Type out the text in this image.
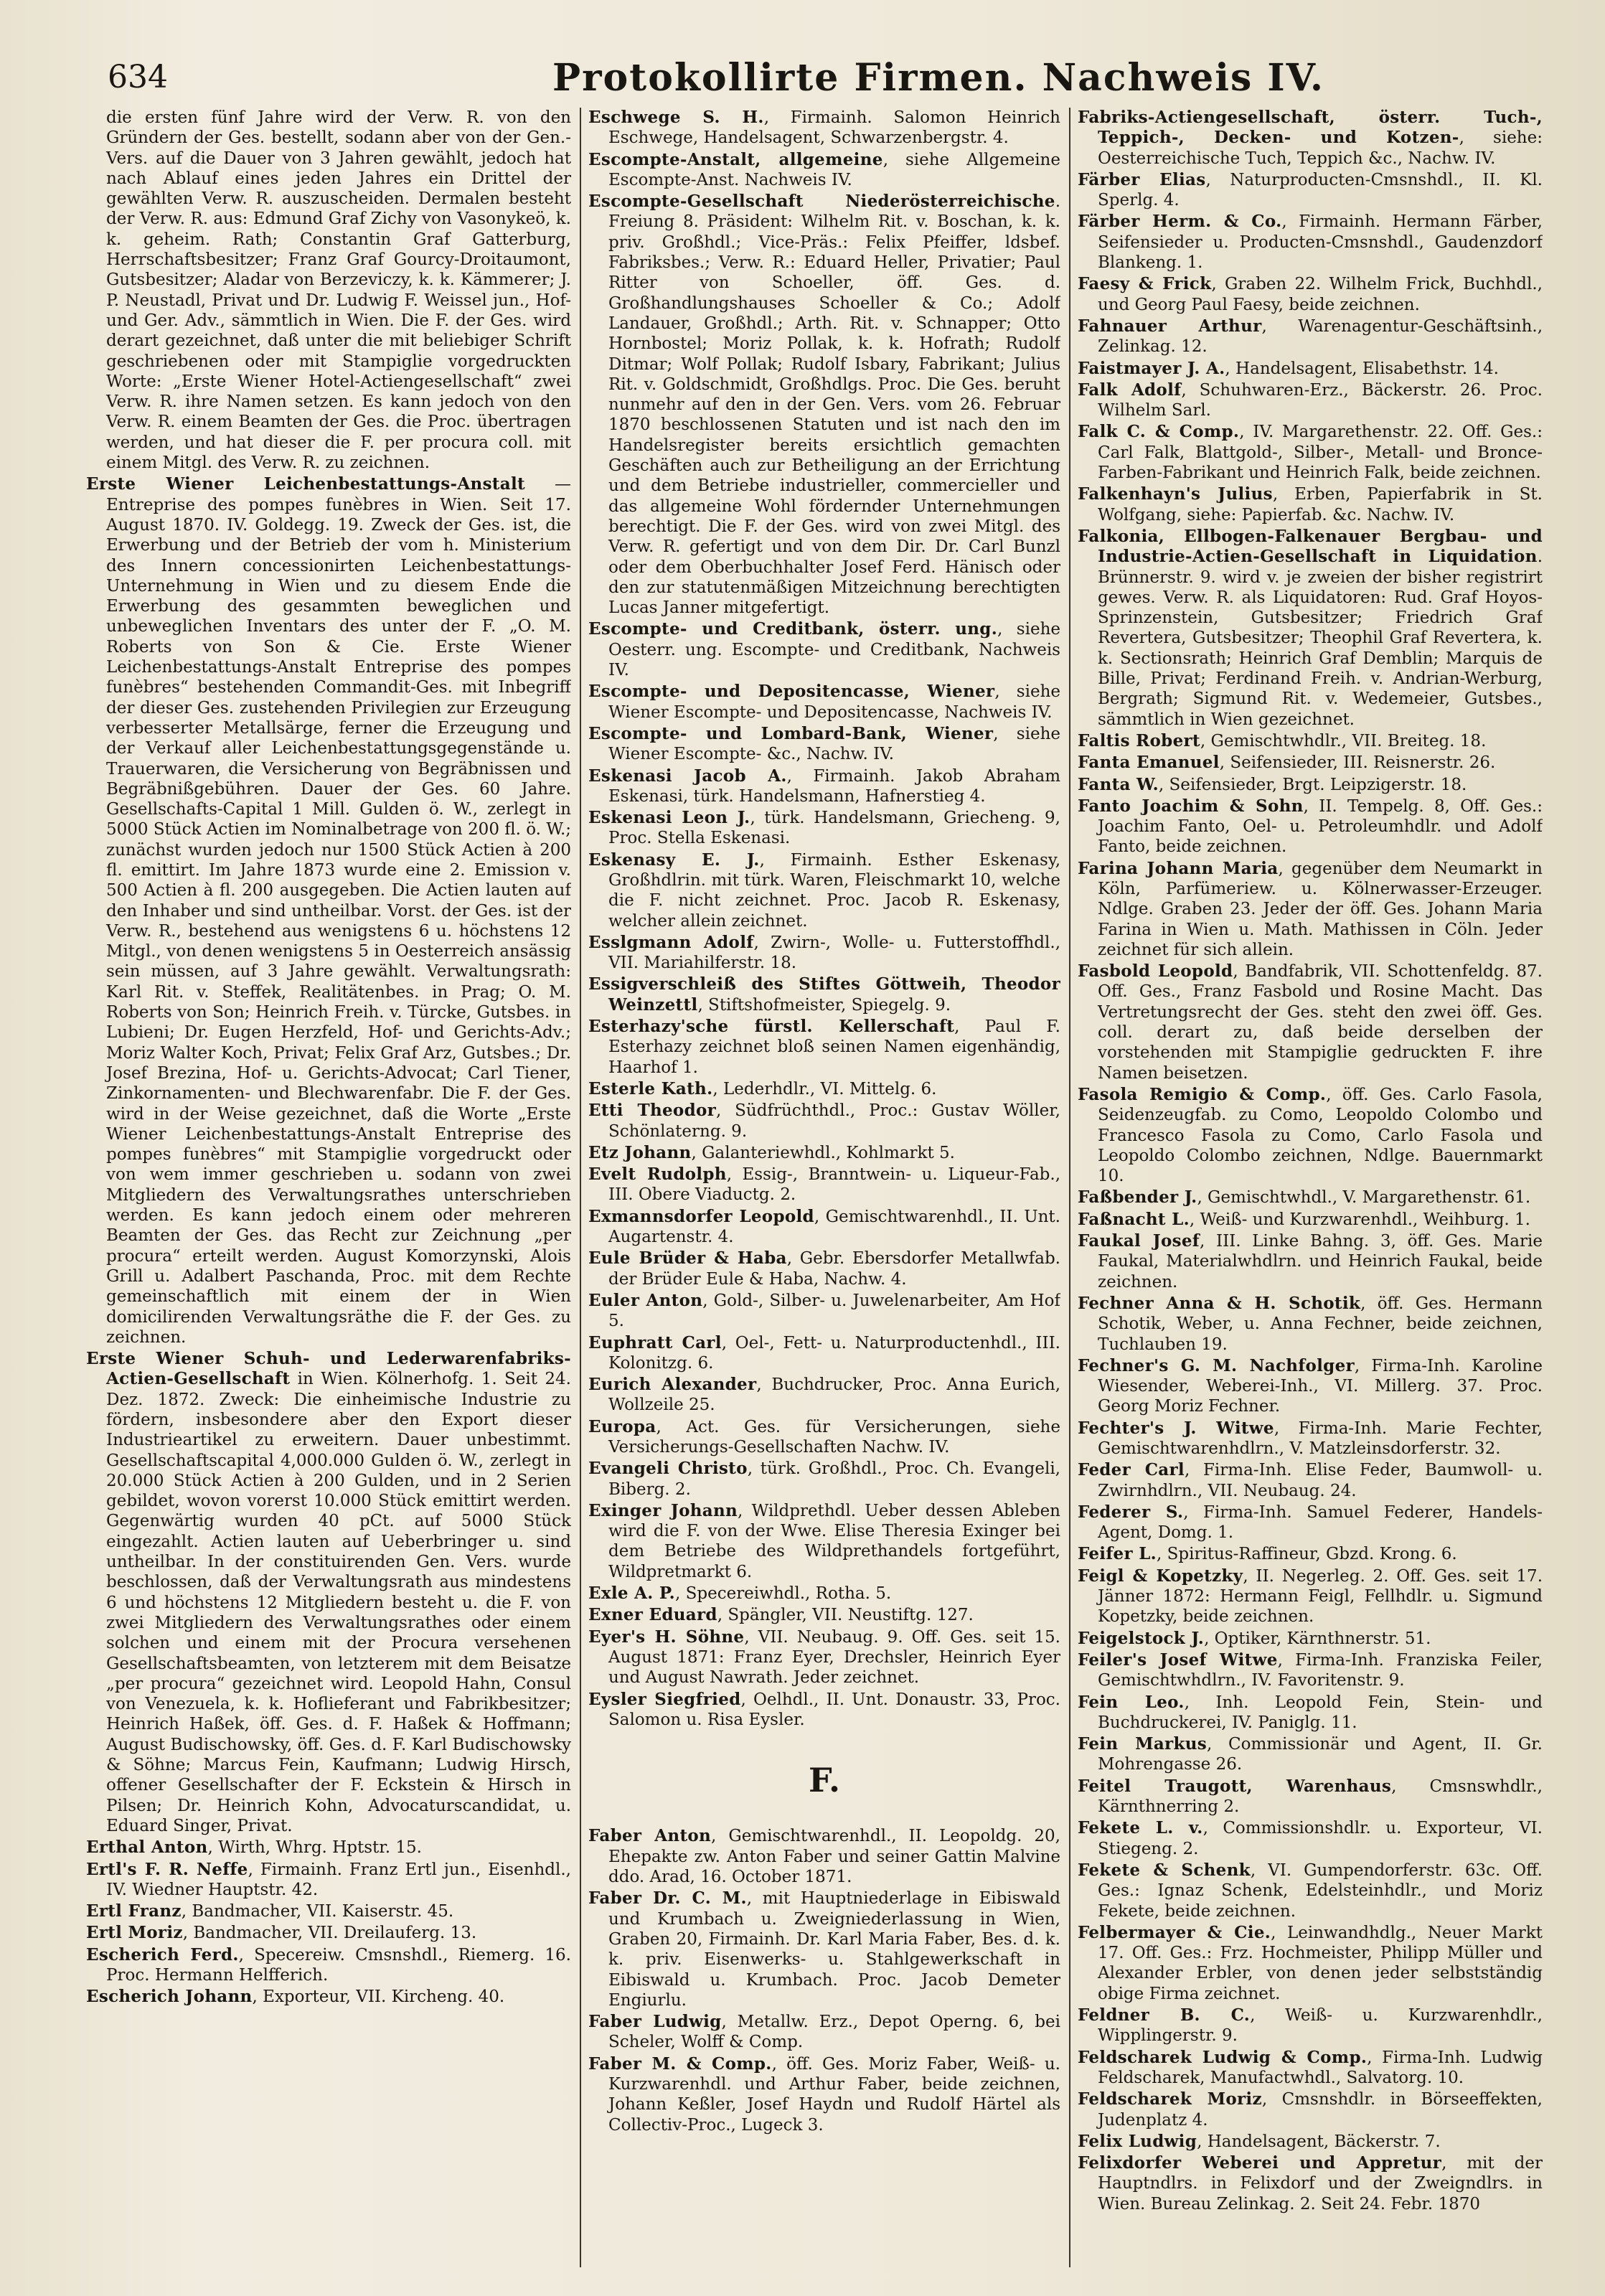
634	Protokollirte Firmen. Nachweis IV.

die ersten fünf Jahre wird der Verw. R. von den Gründern der Ges. bestellt, sodann aber von der Gen.-Vers. auf die Dauer von 3 Jahren gewählt, jedoch hat nach Ablauf eines jeden Jahres ein Drittel der gewählten Verw. R. auszuscheiden. Dermalen besteht der Verw. R. aus: Edmund Graf Zichy von Vasonykeö, k. k. geheim. Rath; Constantin Graf Gatterburg, Herrschaftsbesitzer; Franz Graf Gourcy-Droitaumont, Gutsbesitzer; Aladar von Berzeviczy, k. k. Kämmerer; J. P. Neustadl, Privat und Dr. Ludwig F. Weissel jun., Hof- und Ger. Adv., sämmtlich in Wien. Die F. der Ges. wird derart gezeichnet, daß unter die mit beliebiger Schrift geschriebenen oder mit Stampiglie vorgedruckten Worte: „Erste Wiener Hotel-Actiengesellschaft“ zwei Verw. R. ihre Namen setzen. Es kann jedoch von den Verw. R. einem Beamten der Ges. die Proc. übertragen werden, und hat dieser die F. per procura coll. mit einem Mitgl. des Verw. R. zu zeichnen.

Erste Wiener Leichenbestattungs-Anstalt — Entreprise des pompes funèbres in Wien. Seit 17. August 1870. IV. Goldegg. 19. Zweck der Ges. ist, die Erwerbung und der Betrieb der vom h. Ministerium des Innern concessionirten Leichenbestattungs-Unternehmung in Wien und zu diesem Ende die Erwerbung des gesammten beweglichen und unbeweglichen Inventars des unter der F. „O. M. Roberts von Son & Cie. Erste Wiener Leichenbestattungs-Anstalt Entreprise des pompes funèbres“ bestehenden Commandit-Ges. mit Inbegriff der dieser Ges. zustehenden Privilegien zur Erzeugung verbesserter Metallsärge, ferner die Erzeugung und der Verkauf aller Leichenbestattungsgegenstände u. Trauerwaren, die Versicherung von Begräbnissen und Begräbnißgebühren. Dauer der Ges. 60 Jahre. Gesellschafts-Capital 1 Mill. Gulden ö. W., zerlegt in 5000 Stück Actien im Nominalbetrage von 200 fl. ö. W.; zunächst wurden jedoch nur 1500 Stück Actien à 200 fl. emittirt. Im Jahre 1873 wurde eine 2. Emission v. 500 Actien à fl. 200 ausgegeben. Die Actien lauten auf den Inhaber und sind untheilbar. Vorst. der Ges. ist der Verw. R., bestehend aus wenigstens 6 u. höchstens 12 Mitgl., von denen wenigstens 5 in Oesterreich ansässig sein müssen, auf 3 Jahre gewählt. Verwaltungsrath: Karl Rit. v. Steffek, Realitätenbes. in Prag; O. M. Roberts von Son; Heinrich Freih. v. Türcke, Gutsbes. in Lubieni; Dr. Eugen Herzfeld, Hof- und Gerichts-Adv.; Moriz Walter Koch, Privat; Felix Graf Arz, Gutsbes.; Dr. Josef Brezina, Hof- u. Gerichts-Advocat; Carl Tiener, Zinkornamenten- und Blechwarenfabr. Die F. der Ges. wird in der Weise gezeichnet, daß die Worte „Erste Wiener Leichenbestattungs-Anstalt Entreprise des pompes funèbres“ mit Stampiglie vorgedruckt oder von wem immer geschrieben u. sodann von zwei Mitgliedern des Verwaltungsrathes unterschrieben werden. Es kann jedoch einem oder mehreren Beamten der Ges. das Recht zur Zeichnung „per procura“ erteilt werden. August Komorzynski, Alois Grill u. Adalbert Paschanda, Proc. mit dem Rechte gemeinschaftlich mit einem der in Wien domicilirenden Verwaltungsräthe die F. der Ges. zu zeichnen.

Erste Wiener Schuh- und Lederwarenfabriks-Actien-Gesellschaft in Wien. Kölnerhofg. 1. Seit 24. Dez. 1872. Zweck: Die einheimische Industrie zu fördern, insbesondere aber den Export dieser Industrieartikel zu erweitern. Dauer unbestimmt. Gesellschaftscapital 4,000.000 Gulden ö. W., zerlegt in 20.000 Stück Actien à 200 Gulden, und in 2 Serien gebildet, wovon vorerst 10.000 Stück emittirt werden. Gegenwärtig wurden 40 pCt. auf 5000 Stück eingezahlt. Actien lauten auf Ueberbringer u. sind untheilbar. In der constituirenden Gen. Vers. wurde beschlossen, daß der Verwaltungsrath aus mindestens 6 und höchstens 12 Mitgliedern besteht u. die F. von zwei Mitgliedern des Verwaltungsrathes oder einem solchen und einem mit der Procura versehenen Gesellschaftsbeamten, von letzterem mit dem Beisatze „per procura“ gezeichnet wird. Leopold Hahn, Consul von Venezuela, k. k. Hoflieferant und Fabrikbesitzer; Heinrich Haßek, öff. Ges. d. F. Haßek & Hoffmann; August Budischowsky, öff. Ges. d. F. Karl Budischowsky & Söhne; Marcus Fein, Kaufmann; Ludwig Hirsch, offener Gesellschafter der F. Eckstein & Hirsch in Pilsen; Dr. Heinrich Kohn, Advocaturscandidat, u. Eduard Singer, Privat.

Erthal Anton, Wirth, Whrg. Hptstr. 15.

Ertl's F. R. Neffe, Firmainh. Franz Ertl jun., Eisenhdl., IV. Wiedner Hauptstr. 42.

Ertl Franz, Bandmacher, VII. Kaiserstr. 45.

Ertl Moriz, Bandmacher, VII. Dreilauferg. 13.

Escherich Ferd., Specereiw. Cmsnshdl., Riemerg. 16. Proc. Hermann Helfferich.

Escherich Johann, Exporteur, VII. Kircheng. 40.

Eschwege S. H., Firmainh. Salomon Heinrich Eschwege, Handelsagent, Schwarzenbergstr. 4.

Escompte-Anstalt, allgemeine, siehe Allgemeine Escompte-Anst. Nachweis IV.

Escompte-Gesellschaft Niederösterreichische. Freiung 8. Präsident: Wilhelm Rit. v. Boschan, k. k. priv. Großhdl.; Vice-Präs.: Felix Pfeiffer, ldsbef. Fabriksbes.; Verw. R.: Eduard Heller, Privatier; Paul Ritter von Schoeller, öff. Ges. d. Großhandlungshauses Schoeller & Co.; Adolf Landauer, Großhdl.; Arth. Rit. v. Schnapper; Otto Hornbostel; Moriz Pollak, k. k. Hofrath; Rudolf Ditmar; Wolf Pollak; Rudolf Isbary, Fabrikant; Julius Rit. v. Goldschmidt, Großhdlgs. Proc. Die Ges. beruht nunmehr auf den in der Gen. Vers. vom 26. Februar 1870 beschlossenen Statuten und ist nach den im Handelsregister bereits ersichtlich gemachten Geschäften auch zur Betheiligung an der Errichtung und dem Betriebe industrieller, commercieller und das allgemeine Wohl fördernder Unternehmungen berechtigt. Die F. der Ges. wird von zwei Mitgl. des Verw. R. gefertigt und von dem Dir. Dr. Carl Bunzl oder dem Oberbuchhalter Josef Ferd. Hänisch oder den zur statutenmäßigen Mitzeichnung berechtigten Lucas Janner mitgefertigt.

Escompte- und Creditbank, österr. ung., siehe Oesterr. ung. Escompte- und Creditbank, Nachweis IV.

Escompte- und Depositencasse, Wiener, siehe Wiener Escompte- und Depositencasse, Nachweis IV.

Escompte- und Lombard-Bank, Wiener, siehe Wiener Escompte- &c., Nachw. IV.

Eskenasi Jacob A., Firmainh. Jakob Abraham Eskenasi, türk. Handelsmann, Hafnerstieg 4.

Eskenasi Leon J., türk. Handelsmann, Griecheng. 9, Proc. Stella Eskenasi.

Eskenasy E. J., Firmainh. Esther Eskenasy, Großhdlrin. mit türk. Waren, Fleischmarkt 10, welche die F. nicht zeichnet. Proc. Jacob R. Eskenasy, welcher allein zeichnet.

Esslgmann Adolf, Zwirn-, Wolle- u. Futterstoffhdl., VII. Mariahilferstr. 18.

Essigverschleiß des Stiftes Göttweih, Theodor Weinzettl, Stiftshofmeister, Spiegelg. 9.

Esterhazy'sche fürstl. Kellerschaft, Paul F. Esterhazy zeichnet bloß seinen Namen eigenhändig, Haarhof 1.

Esterle Kath., Lederhdlr., VI. Mittelg. 6.

Etti Theodor, Südfrüchthdl., Proc.: Gustav Wöller, Schönlaterng. 9.

Etz Johann, Galanteriewhdl., Kohlmarkt 5.

Evelt Rudolph, Essig-, Branntwein- u. Liqueur-Fab., III. Obere Viaductg. 2.

Exmannsdorfer Leopold, Gemischtwarenhdl., II. Unt. Augartenstr. 4.

Eule Brüder & Haba, Gebr. Ebersdorfer Metallwfab. der Brüder Eule & Haba, Nachw. 4.

Euler Anton, Gold-, Silber- u. Juwelenarbeiter, Am Hof 5.

Euphratt Carl, Oel-, Fett- u. Naturproductenhdl., III. Kolonitzg. 6.

Eurich Alexander, Buchdrucker, Proc. Anna Eurich, Wollzeile 25.

Europa, Act. Ges. für Versicherungen, siehe Versicherungs-Gesellschaften Nachw. IV.

Evangeli Christo, türk. Großhdl., Proc. Ch. Evangeli, Biberg. 2.

Exinger Johann, Wildprethdl. Ueber dessen Ableben wird die F. von der Wwe. Elise Theresia Exinger bei dem Betriebe des Wildprethandels fortgeführt, Wildpretmarkt 6.

Exle A. P., Specereiwhdl., Rotha. 5.

Exner Eduard, Spängler, VII. Neustiftg. 127.

Eyer's H. Söhne, VII. Neubaug. 9. Off. Ges. seit 15. August 1871: Franz Eyer, Drechsler, Heinrich Eyer und August Nawrath. Jeder zeichnet.

Eysler Siegfried, Oelhdl., II. Unt. Donaustr. 33, Proc. Salomon u. Risa Eysler.

F.

Faber Anton, Gemischtwarenhdl., II. Leopoldg. 20, Ehepakte zw. Anton Faber und seiner Gattin Malvine ddo. Arad, 16. October 1871.

Faber Dr. C. M., mit Hauptniederlage in Eibiswald und Krumbach u. Zweigniederlassung in Wien, Graben 20, Firmainh. Dr. Karl Maria Faber, Bes. d. k. k. priv. Eisenwerks- u. Stahlgewerkschaft in Eibiswald u. Krumbach. Proc. Jacob Demeter Engiurlu.

Faber Ludwig, Metallw. Erz., Depot Operng. 6, bei Scheler, Wolff & Comp.

Faber M. & Comp., öff. Ges. Moriz Faber, Weiß- u. Kurzwarenhdl. und Arthur Faber, beide zeichnen, Johann Keßler, Josef Haydn und Rudolf Härtel als Collectiv-Proc., Lugeck 3.

Fabriks-Actiengesellschaft, österr. Tuch-, Teppich-, Decken- und Kotzen-, siehe: Oesterreichische Tuch, Teppich &c., Nachw. IV.

Färber Elias, Naturproducten-Cmsnshdl., II. Kl. Sperlg. 4.

Färber Herm. & Co., Firmainh. Hermann Färber, Seifensieder u. Producten-Cmsnshdl., Gaudenzdorf Blankeng. 1.

Faesy & Frick, Graben 22. Wilhelm Frick, Buchhdl., und Georg Paul Faesy, beide zeichnen.

Fahnauer Arthur, Warenagentur-Geschäftsinh., Zelinkag. 12.

Faistmayer J. A., Handelsagent, Elisabethstr. 14.

Falk Adolf, Schuhwaren-Erz., Bäckerstr. 26. Proc. Wilhelm Sarl.

Falk C. & Comp., IV. Margarethenstr. 22. Off. Ges.: Carl Falk, Blattgold-, Silber-, Metall- und Bronce-Farben-Fabrikant und Heinrich Falk, beide zeichnen.

Falkenhayn's Julius, Erben, Papierfabrik in St. Wolfgang, siehe: Papierfab. &c. Nachw. IV.

Falkonia, Ellbogen-Falkenauer Bergbau- und Industrie-Actien-Gesellschaft in Liquidation. Brünnerstr. 9. wird v. je zweien der bisher registrirt gewes. Verw. R. als Liquidatoren: Rud. Graf Hoyos-Sprinzenstein, Gutsbesitzer; Friedrich Graf Revertera, Gutsbesitzer; Theophil Graf Revertera, k. k. Sectionsrath; Heinrich Graf Demblin; Marquis de Bille, Privat; Ferdinand Freih. v. Andrian-Werburg, Bergrath; Sigmund Rit. v. Wedemeier, Gutsbes., sämmtlich in Wien gezeichnet.

Faltis Robert, Gemischtwhdlr., VII. Breiteg. 18.

Fanta Emanuel, Seifensieder, III. Reisnerstr. 26.

Fanta W., Seifensieder, Brgt. Leipzigerstr. 18.

Fanto Joachim & Sohn, II. Tempelg. 8, Off. Ges.: Joachim Fanto, Oel- u. Petroleumhdlr. und Adolf Fanto, beide zeichnen.

Farina Johann Maria, gegenüber dem Neumarkt in Köln, Parfümeriew. u. Kölnerwasser-Erzeuger. Ndlge. Graben 23. Jeder der öff. Ges. Johann Maria Farina in Wien u. Math. Mathissen in Cöln. Jeder zeichnet für sich allein.

Fasbold Leopold, Bandfabrik, VII. Schottenfeldg. 87. Off. Ges., Franz Fasbold und Rosine Macht. Das Vertretungsrecht der Ges. steht den zwei öff. Ges. coll. derart zu, daß beide derselben der vorstehenden mit Stampiglie gedruckten F. ihre Namen beisetzen.

Fasola Remigio & Comp., öff. Ges. Carlo Fasola, Seidenzeugfab. zu Como, Leopoldo Colombo und Francesco Fasola zu Como, Carlo Fasola und Leopoldo Colombo zeichnen, Ndlge. Bauernmarkt 10.

Faßbender J., Gemischtwhdl., V. Margarethenstr. 61.

Faßnacht L., Weiß- und Kurzwarenhdl., Weihburg. 1.

Faukal Josef, III. Linke Bahng. 3, öff. Ges. Marie Faukal, Materialwhdlrn. und Heinrich Faukal, beide zeichnen.

Fechner Anna & H. Schotik, öff. Ges. Hermann Schotik, Weber, u. Anna Fechner, beide zeichnen, Tuchlauben 19.

Fechner's G. M. Nachfolger, Firma-Inh. Karoline Wiesender, Weberei-Inh., VI. Millerg. 37. Proc. Georg Moriz Fechner.

Fechter's J. Witwe, Firma-Inh. Marie Fechter, Gemischtwarenhdlrn., V. Matzleinsdorferstr. 32.

Feder Carl, Firma-Inh. Elise Feder, Baumwoll- u. Zwirnhdlrn., VII. Neubaug. 24.

Federer S., Firma-Inh. Samuel Federer, Handels-Agent, Domg. 1.

Feifer L., Spiritus-Raffineur, Gbzd. Krong. 6.

Feigl & Kopetzky, II. Negerleg. 2. Off. Ges. seit 17. Jänner 1872: Hermann Feigl, Fellhdlr. u. Sigmund Kopetzky, beide zeichnen.

Feigelstock J., Optiker, Kärnthnerstr. 51.

Feiler's Josef Witwe, Firma-Inh. Franziska Feiler, Gemischtwhdlrn., IV. Favoritenstr. 9.

Fein Leo., Inh. Leopold Fein, Stein- und Buchdruckerei, IV. Paniglg. 11.

Fein Markus, Commissionär und Agent, II. Gr. Mohrengasse 26.

Feitel Traugott, Warenhaus, Cmsnswhdlr., Kärnthnerring 2.

Fekete L. v., Commissionshdlr. u. Exporteur, VI. Stiegeng. 2.

Fekete & Schenk, VI. Gumpendorferstr. 63c. Off. Ges.: Ignaz Schenk, Edelsteinhdlr., und Moriz Fekete, beide zeichnen.

Felbermayer & Cie., Leinwandhdlg., Neuer Markt 17. Off. Ges.: Frz. Hochmeister, Philipp Müller und Alexander Erbler, von denen jeder selbstständig obige Firma zeichnet.

Feldner B. C., Weiß- u. Kurzwarenhdlr., Wipplingerstr. 9.

Feldscharek Ludwig & Comp., Firma-Inh. Ludwig Feldscharek, Manufactwhdl., Salvatorg. 10.

Feldscharek Moriz, Cmsnshdlr. in Börseeffekten, Judenplatz 4.

Felix Ludwig, Handelsagent, Bäckerstr. 7.

Felixdorfer Weberei und Appretur, mit der Hauptndlrs. in Felixdorf und der Zweigndlrs. in Wien. Bureau Zelinkag. 2. Seit 24. Febr. 1870
